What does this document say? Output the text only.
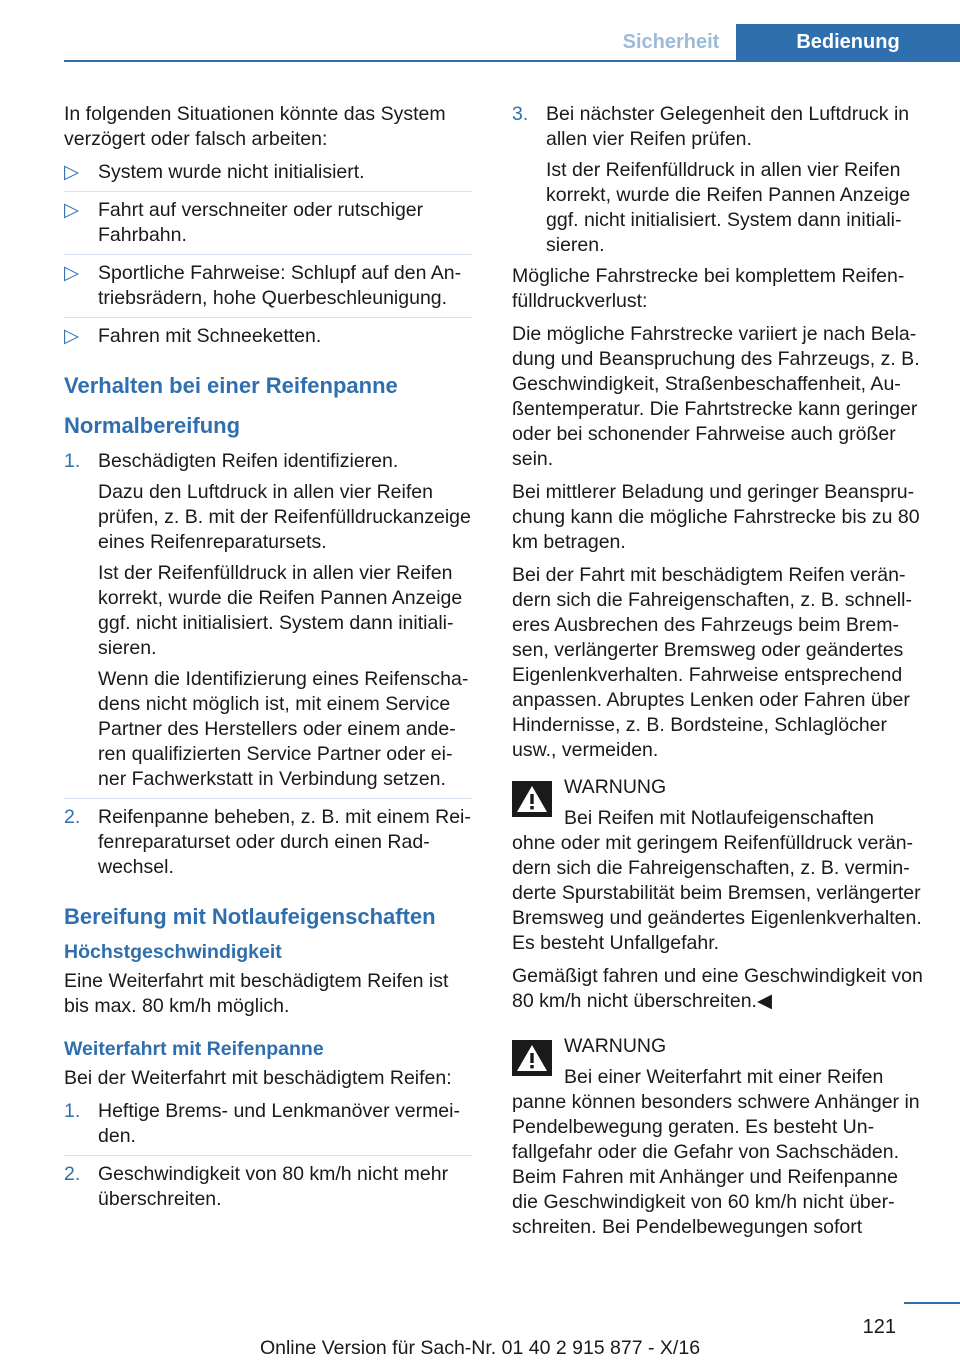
Sicherheit	Bedienung

In folgenden Situationen könnte das System verzögert oder falsch arbeiten:

▷ System wurde nicht initialisiert.
▷ Fahrt auf verschneiter oder rutschiger Fahrbahn.
▷ Sportliche Fahrweise: Schlupf auf den Antriebsrädern, hohe Querbeschleunigung.
▷ Fahren mit Schneeketten.
Verhalten bei einer Reifenpanne
Normalbereifung
1. Beschädigten Reifen identifizieren.

Dazu den Luftdruck in allen vier Reifen prüfen, z. B. mit der Reifenfülldruckanzeige eines Reifenreparatursets.

Ist der Reifenfülldruck in allen vier Reifen korrekt, wurde die Reifen Pannen Anzeige ggf. nicht initialisiert. System dann initialisieren.

Wenn die Identifizierung eines Reifenschadens nicht möglich ist, mit einem Service Partner des Herstellers oder einem anderen qualifizierten Service Partner oder einer Fachwerkstatt in Verbindung setzen.

2. Reifenpanne beheben, z. B. mit einem Reifenreparaturset oder durch einen Radwechsel.

Bereifung mit Notlaufeigenschaften
Höchstgeschwindigkeit

Eine Weiterfahrt mit beschädigtem Reifen ist bis max. 80 km/h möglich.

Weiterfahrt mit Reifenpanne

Bei der Weiterfahrt mit beschädigtem Reifen:

1. Heftige Brems- und Lenkmanöver vermeiden.

2. Geschwindigkeit von 80 km/h nicht mehr überschreiten.

3. Bei nächster Gelegenheit den Luftdruck in allen vier Reifen prüfen.

Ist der Reifenfülldruck in allen vier Reifen korrekt, wurde die Reifen Pannen Anzeige ggf. nicht initialisiert. System dann initialisieren.

Mögliche Fahrstrecke bei komplettem Reifenfülldruckverlust:

Die mögliche Fahrstrecke variiert je nach Beladung und Beanspruchung des Fahrzeugs, z. B. Geschwindigkeit, Straßenbeschaffenheit, Außentemperatur. Die Fahrtstrecke kann geringer oder bei schonender Fahrweise auch größer sein.

Bei mittlerer Beladung und geringer Beanspruchung kann die mögliche Fahrstrecke bis zu 80 km betragen.

Bei der Fahrt mit beschädigtem Reifen verändern sich die Fahreigenschaften, z. B. schnelleres Ausbrechen des Fahrzeugs beim Bremsen, verlängerter Bremsweg oder geändertes Eigenlenkverhalten. Fahrweise entsprechend anpassen. Abruptes Lenken oder Fahren über Hindernisse, z. B. Bordsteine, Schlaglöcher usw., vermeiden.

WARNUNG

Bei Reifen mit Notlaufeigenschaften

ohne oder mit geringem Reifenfülldruck verändern sich die Fahreigenschaften, z. B. verminderte Spurstabilität beim Bremsen, verlängerter Bremsweg und geändertes Eigenlenkverhalten. Es besteht Unfallgefahr.

Gemäßigt fahren und eine Geschwindigkeit von 80 km/h nicht überschreiten.◀

WARNUNG

Bei einer Weiterfahrt mit einer Reifen

panne können besonders schwere Anhänger in Pendelbewegung geraten. Es besteht Unfallgefahr oder die Gefahr von Sachschäden. Beim Fahren mit Anhänger und Reifenpanne die Geschwindigkeit von 60 km/h nicht überschreiten. Bei Pendelbewegungen sofort

121
Online Version für Sach-Nr. 01 40 2 915 877 - X/16
